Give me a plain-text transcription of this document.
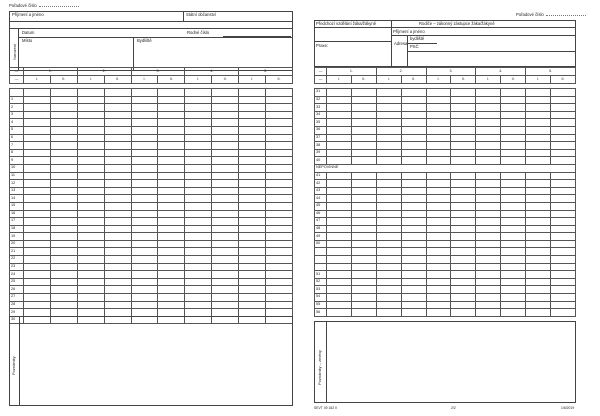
Pořadové číslo
Příjmení a jméno	Státní občanství
Narození
Datum	Rodné číslo
Místo	Bydliště
—	1.		2.		3.		4.		5.	
—	I.	II.	I.	II.	I.	II.	I.	II.	I.	II.

1										
2										
3										
4										
5										
6										
7										
8										
9										
10										
11										
12										
13										
14										
15										
16										
17										
18										
19										
20										
21										
22										
23										
24										
25										
26										
27										
28										
29										
30										
Poznámky
Pořadové číslo
Předchozí vzdělání žáka/žákyně	Rodiče – zákonný zástupce žáka/žákyně
Příjmení a jméno
Adresa
bydliště
PSČ
Praxe:
—	1.		2.		3.		4.		5.	
—	I.	II.	I.	II.	I.	II.	I.	II.	I.	II.
31										
32										
33										
34										
35										
36										
37										
38										
39										
40										
NEPOVINNÉ										
41										
42										
43										
44										
45										
46										
47										
48										
49										
50										

51										
52										
53										
54										
55										
56										
Poznámky – změny
SEVT 49 162 0	2/2	1/6/2019
